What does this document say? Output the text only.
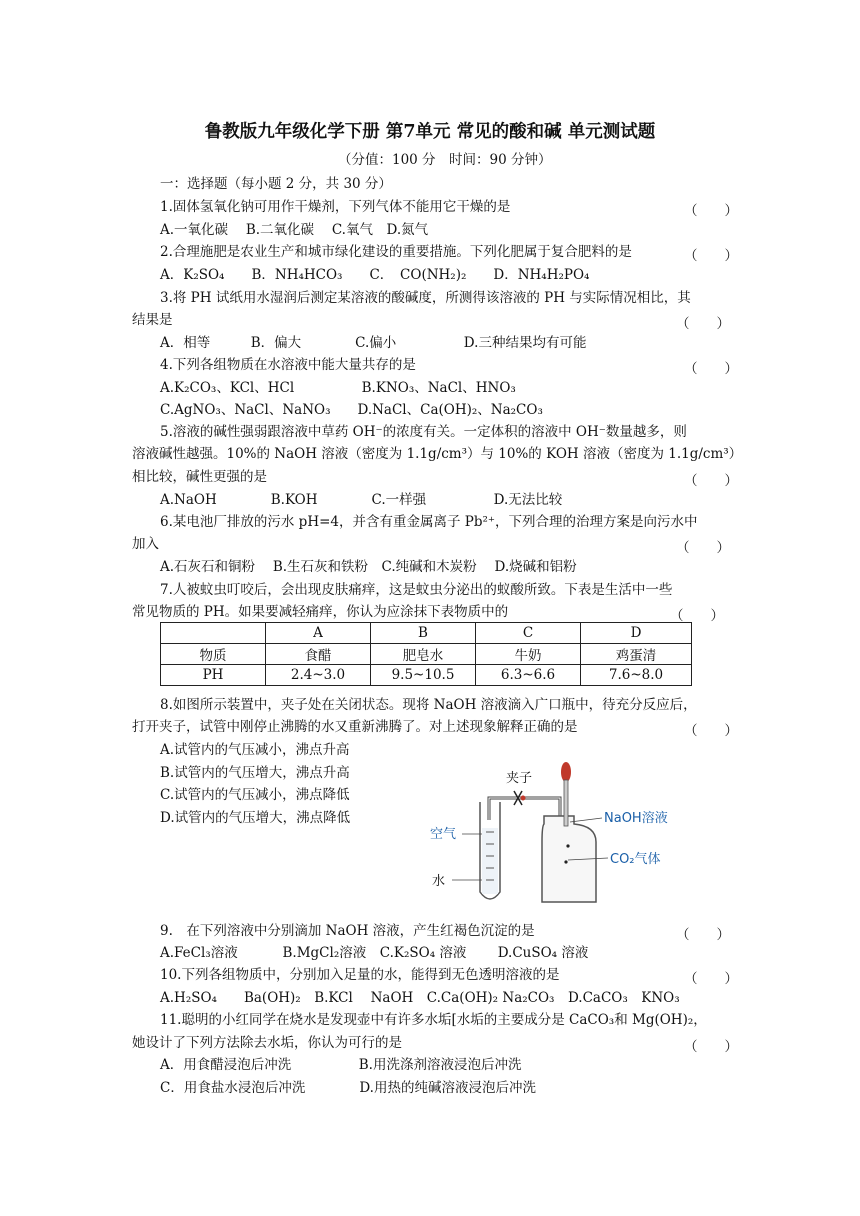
鲁教版九年级化学下册 第7单元 常见的酸和碱 单元测试题
（分值：100 分　时间：90 分钟）
一：选择题（每小题 2 分，共 30 分）
1.固体氢氧化钠可用作干燥剂，下列气体不能用它干燥的是	（　　）
A.一氧化碳　 B.二氧化碳　 C.氧气　D.氮气
2.合理施肥是农业生产和城市绿化建设的重要措施。下列化肥属于复合肥料的是	（　　）
A．K₂SO₄　　B．NH₄HCO₃　　C．　CO(NH₂)₂　　D．NH₄H₂PO₄
3.将 PH 试纸用水湿润后测定某溶液的酸碱度，所测得该溶液的 PH 与实际情况相比，其
结果是	（　　）
A．相等　　　B．偏大　　　　C.偏小　　　　　D.三种结果均有可能
4.下列各组物质在水溶液中能大量共存的是	（　　）
A.K₂CO₃、KCl、HCl　　　　　B.KNO₃、NaCl、HNO₃
C.AgNO₃、NaCl、NaNO₃　　D.NaCl、Ca(OH)₂、Na₂CO₃
5.溶液的碱性强弱跟溶液中草药 OH⁻的浓度有关。一定体积的溶液中 OH⁻数量越多，则
溶液碱性越强。10%的 NaOH 溶液（密度为 1.1g/cm³）与 10%的 KOH 溶液（密度为 1.1g/cm³）
相比较，碱性更强的是	（　　）
A.NaOH　　　　B.KOH　　　　C.一样强　　　　　D.无法比较
6.某电池厂排放的污水 pH=4，并含有重金属离子 Pb²⁺，下列合理的治理方案是向污水中
加入	（　　）
A.石灰石和铜粉　 B.生石灰和铁粉　C.纯碱和木炭粉　 D.烧碱和铝粉
7.人被蚊虫叮咬后，会出现皮肤痛痒，这是蚊虫分泌出的蚁酸所致。下表是生活中一些
常见物质的 PH。如果要减轻痛痒，你认为应涂抹下表物质中的	（　　）
	A	B	C	D
物质	食醋	肥皂水	牛奶	鸡蛋清
PH	2.4~3.0	9.5~10.5	6.3~6.6	7.6~8.0
8.如图所示装置中，夹子处在关闭状态。现将 NaOH 溶液滴入广口瓶中，待充分反应后，
打开夹子，试管中刚停止沸腾的水又重新沸腾了。对上述现象解释正确的是	（　　）
A.试管内的气压减小，沸点升高
B.试管内的气压增大，沸点升高
C.试管内的气压减小，沸点降低
D.试管内的气压增大，沸点降低
夹子
空气
水
NaOH溶液
CO₂气体
9.　在下列溶液中分别滴加 NaOH 溶液，产生红褐色沉淀的是	（　　）
A.FeCl₃溶液　　　 B.MgCl₂溶液　C.K₂SO₄ 溶液　　 D.CuSO₄ 溶液
10.下列各组物质中，分别加入足量的水，能得到无色透明溶液的是	（　　）
A.H₂SO₄　　Ba(OH)₂　B.KCl　 NaOH　C.Ca(OH)₂ Na₂CO₃　D.CaCO₃　KNO₃
11.聪明的小红同学在烧水是发现壶中有许多水垢[水垢的主要成分是 CaCO₃和 Mg(OH)₂，
她设计了下列方法除去水垢，你认为可行的是	（　　）
A．用食醋浸泡后冲洗　　　　　B.用洗涤剂溶液浸泡后冲洗
C．用食盐水浸泡后冲洗　　　　D.用热的纯碱溶液浸泡后冲洗
